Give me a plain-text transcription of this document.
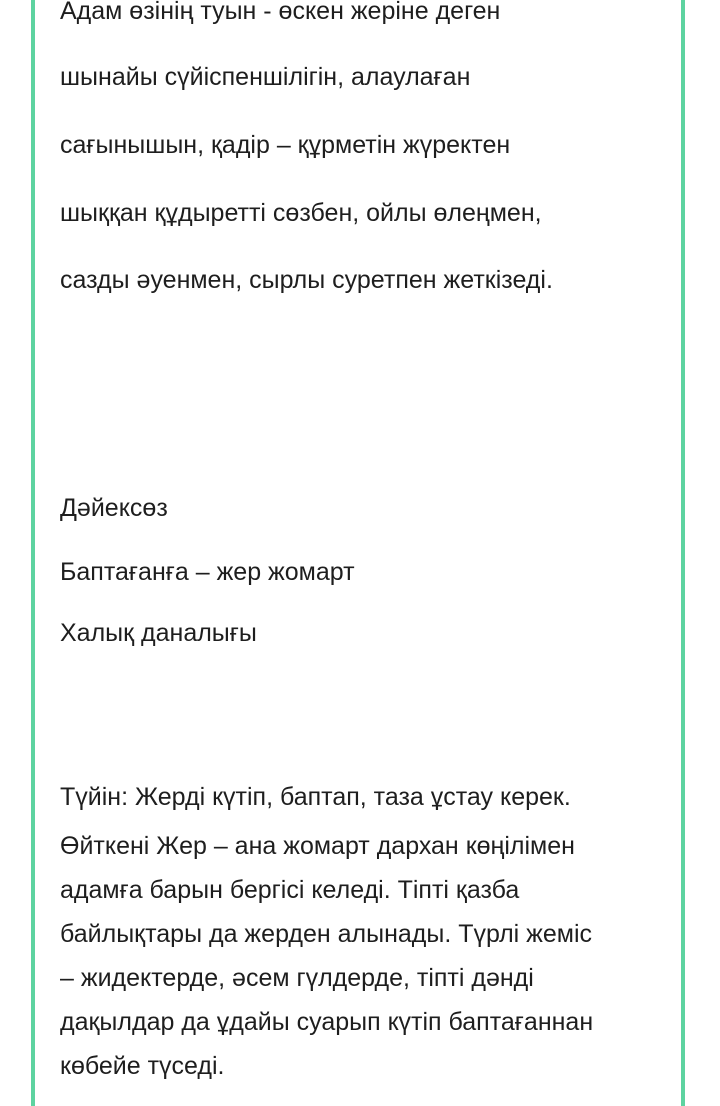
Адам өзінің туын - өскен жеріне деген

шынайы сүйіспеншілігін, алаулаған

сағынышын, қадір – құрметін жүректен

шыққан құдыретті сөзбен, ойлы өлеңмен,

сазды әуенмен, сырлы суретпен жеткізеді.

Дәйексөз

Баптағанға – жер жомарт

Халық даналығы

Түйін: Жерді күтіп, баптап, таза ұстау керек.

Өйткені Жер – ана жомарт дархан көңілімен

адамға барын бергісі келеді. Тіпті қазба

байлықтары да жерден алынады. Түрлі жеміс

– жидектерде, әсем гүлдерде, тіпті дәнді

дақылдар да ұдайы суарып күтіп баптағаннан

көбейе түседі.
